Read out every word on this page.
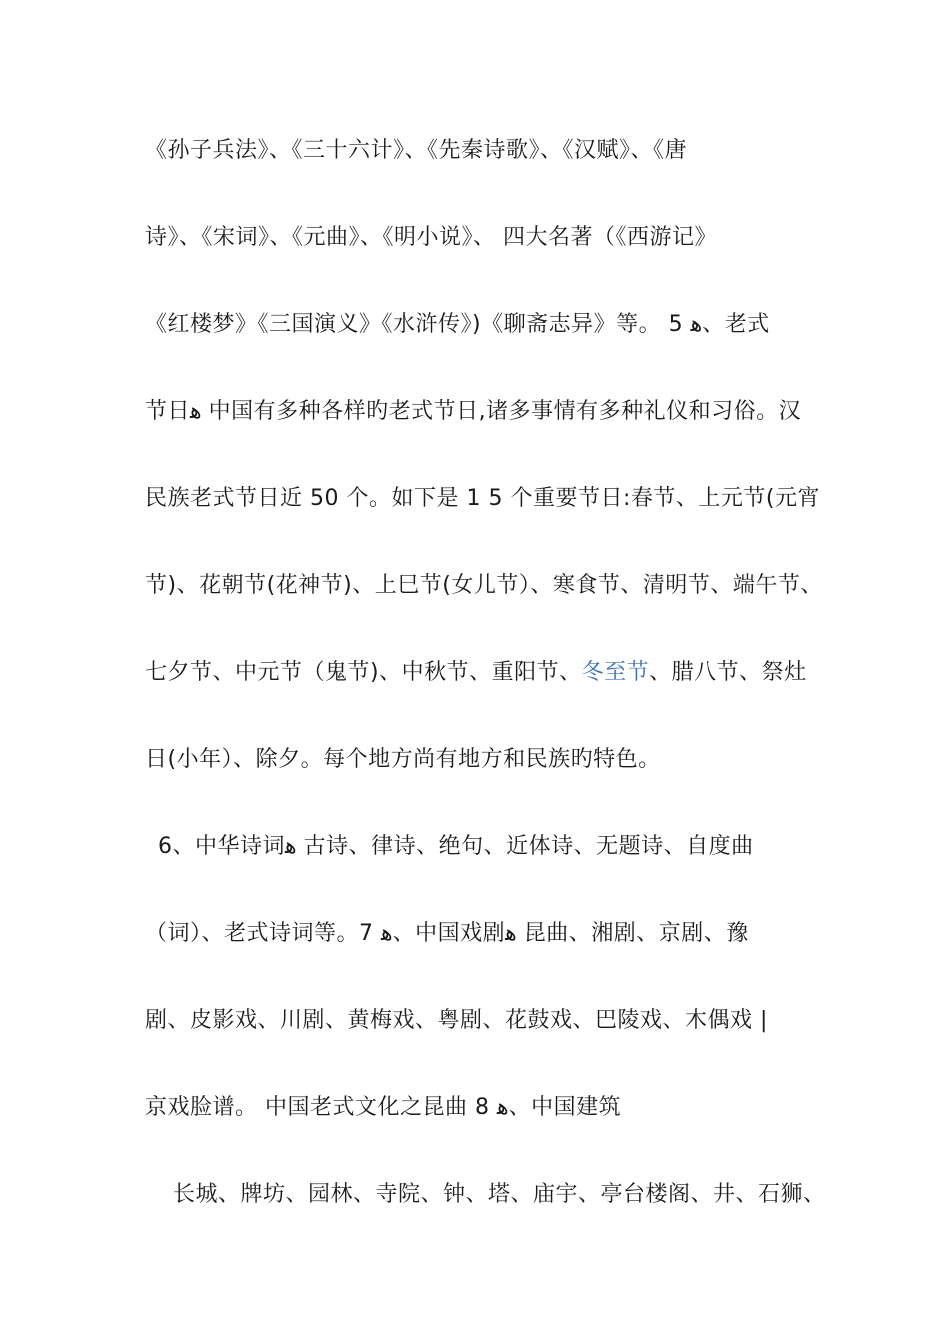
《孙子兵法》、《三十六计》、《先秦诗歌》、《汉赋》、《唐
诗》、《宋词》、《元曲》、《明小说》、 四大名著（《西游记》
《红楼梦》《三国演义》《水浒传》)《聊斋志异》等。 5 ﻫ、老式
节日ﻫ 中国有多种各样旳老式节日,诸多事情有多种礼仪和习俗。汉
民族老式节日近 50 个。如下是 1 5 个重要节日:春节、上元节(元宵
节)、花朝节(花神节)、上巳节(女儿节）、寒食节、清明节、端午节、
七夕节、中元节（鬼节)、中秋节、重阳节、冬至节、腊八节、祭灶
日(小年）、除夕。每个地方尚有地方和民族旳特色。
6、中华诗词ﻫ 古诗、律诗、绝句、近体诗、无题诗、自度曲
（词）、老式诗词等。7 ﻫ、中国戏剧ﻫ 昆曲、湘剧、京剧、豫
剧、皮影戏、川剧、黄梅戏、粤剧、花鼓戏、巴陵戏、木偶戏 |
京戏脸谱。 中国老式文化之昆曲 8 ﻫ、中国建筑
长城、牌坊、园林、寺院、钟、塔、庙宇、亭台楼阁、井、石狮、
